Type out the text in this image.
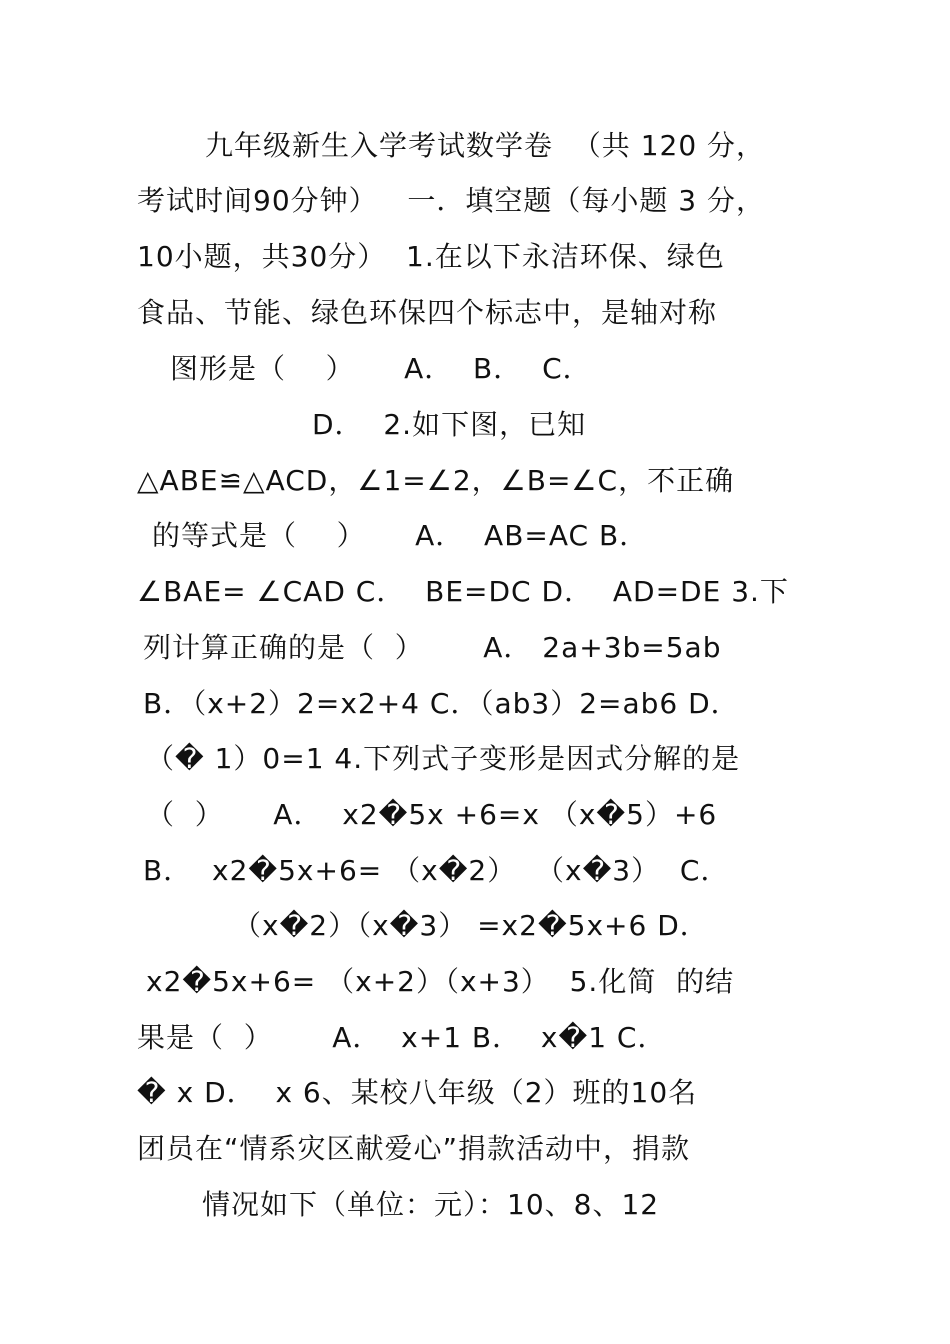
九年级新生入学考试数学卷  （共 120 分，
考试时间90分钟）   一．填空题（每小题 3 分，
10小题，共30分）  1.在以下永洁环保、绿色
食品、节能、绿色环保四个标志中，是轴对称
图形是（    ）     A．  B．  C．
D．  2.如下图，已知
△ABE≌△ACD，∠1=∠2，∠B=∠C，不正确
的等式是（    ）     A．  AB=AC B．
∠BAE= ∠CAD C．  BE=DC D．  AD=DE 3.下
列计算正确的是（  ）      A． 2a+3b=5ab
B．（x+2）2=x2+4 C．（ab3）2=ab6 D．
（� 1）0=1 4.下列式子变形是因式分解的是
（  ）     A．  x2�5x +6=x （x�5）+6
B．  x2�5x+6= （x�2）  （x�3）  C．
（x�2）（x�3） =x2�5x+6 D．
x2�5x+6= （x+2）（x+3）  5.化简  的结
果是（  ）      A．  x+1 B．  x�1 C．
� x D．  x 6、某校八年级（2）班的10名
团员在“情系灾区献爱心”捐款活动中，捐款
情况如下（单位：元）：10、8、12
